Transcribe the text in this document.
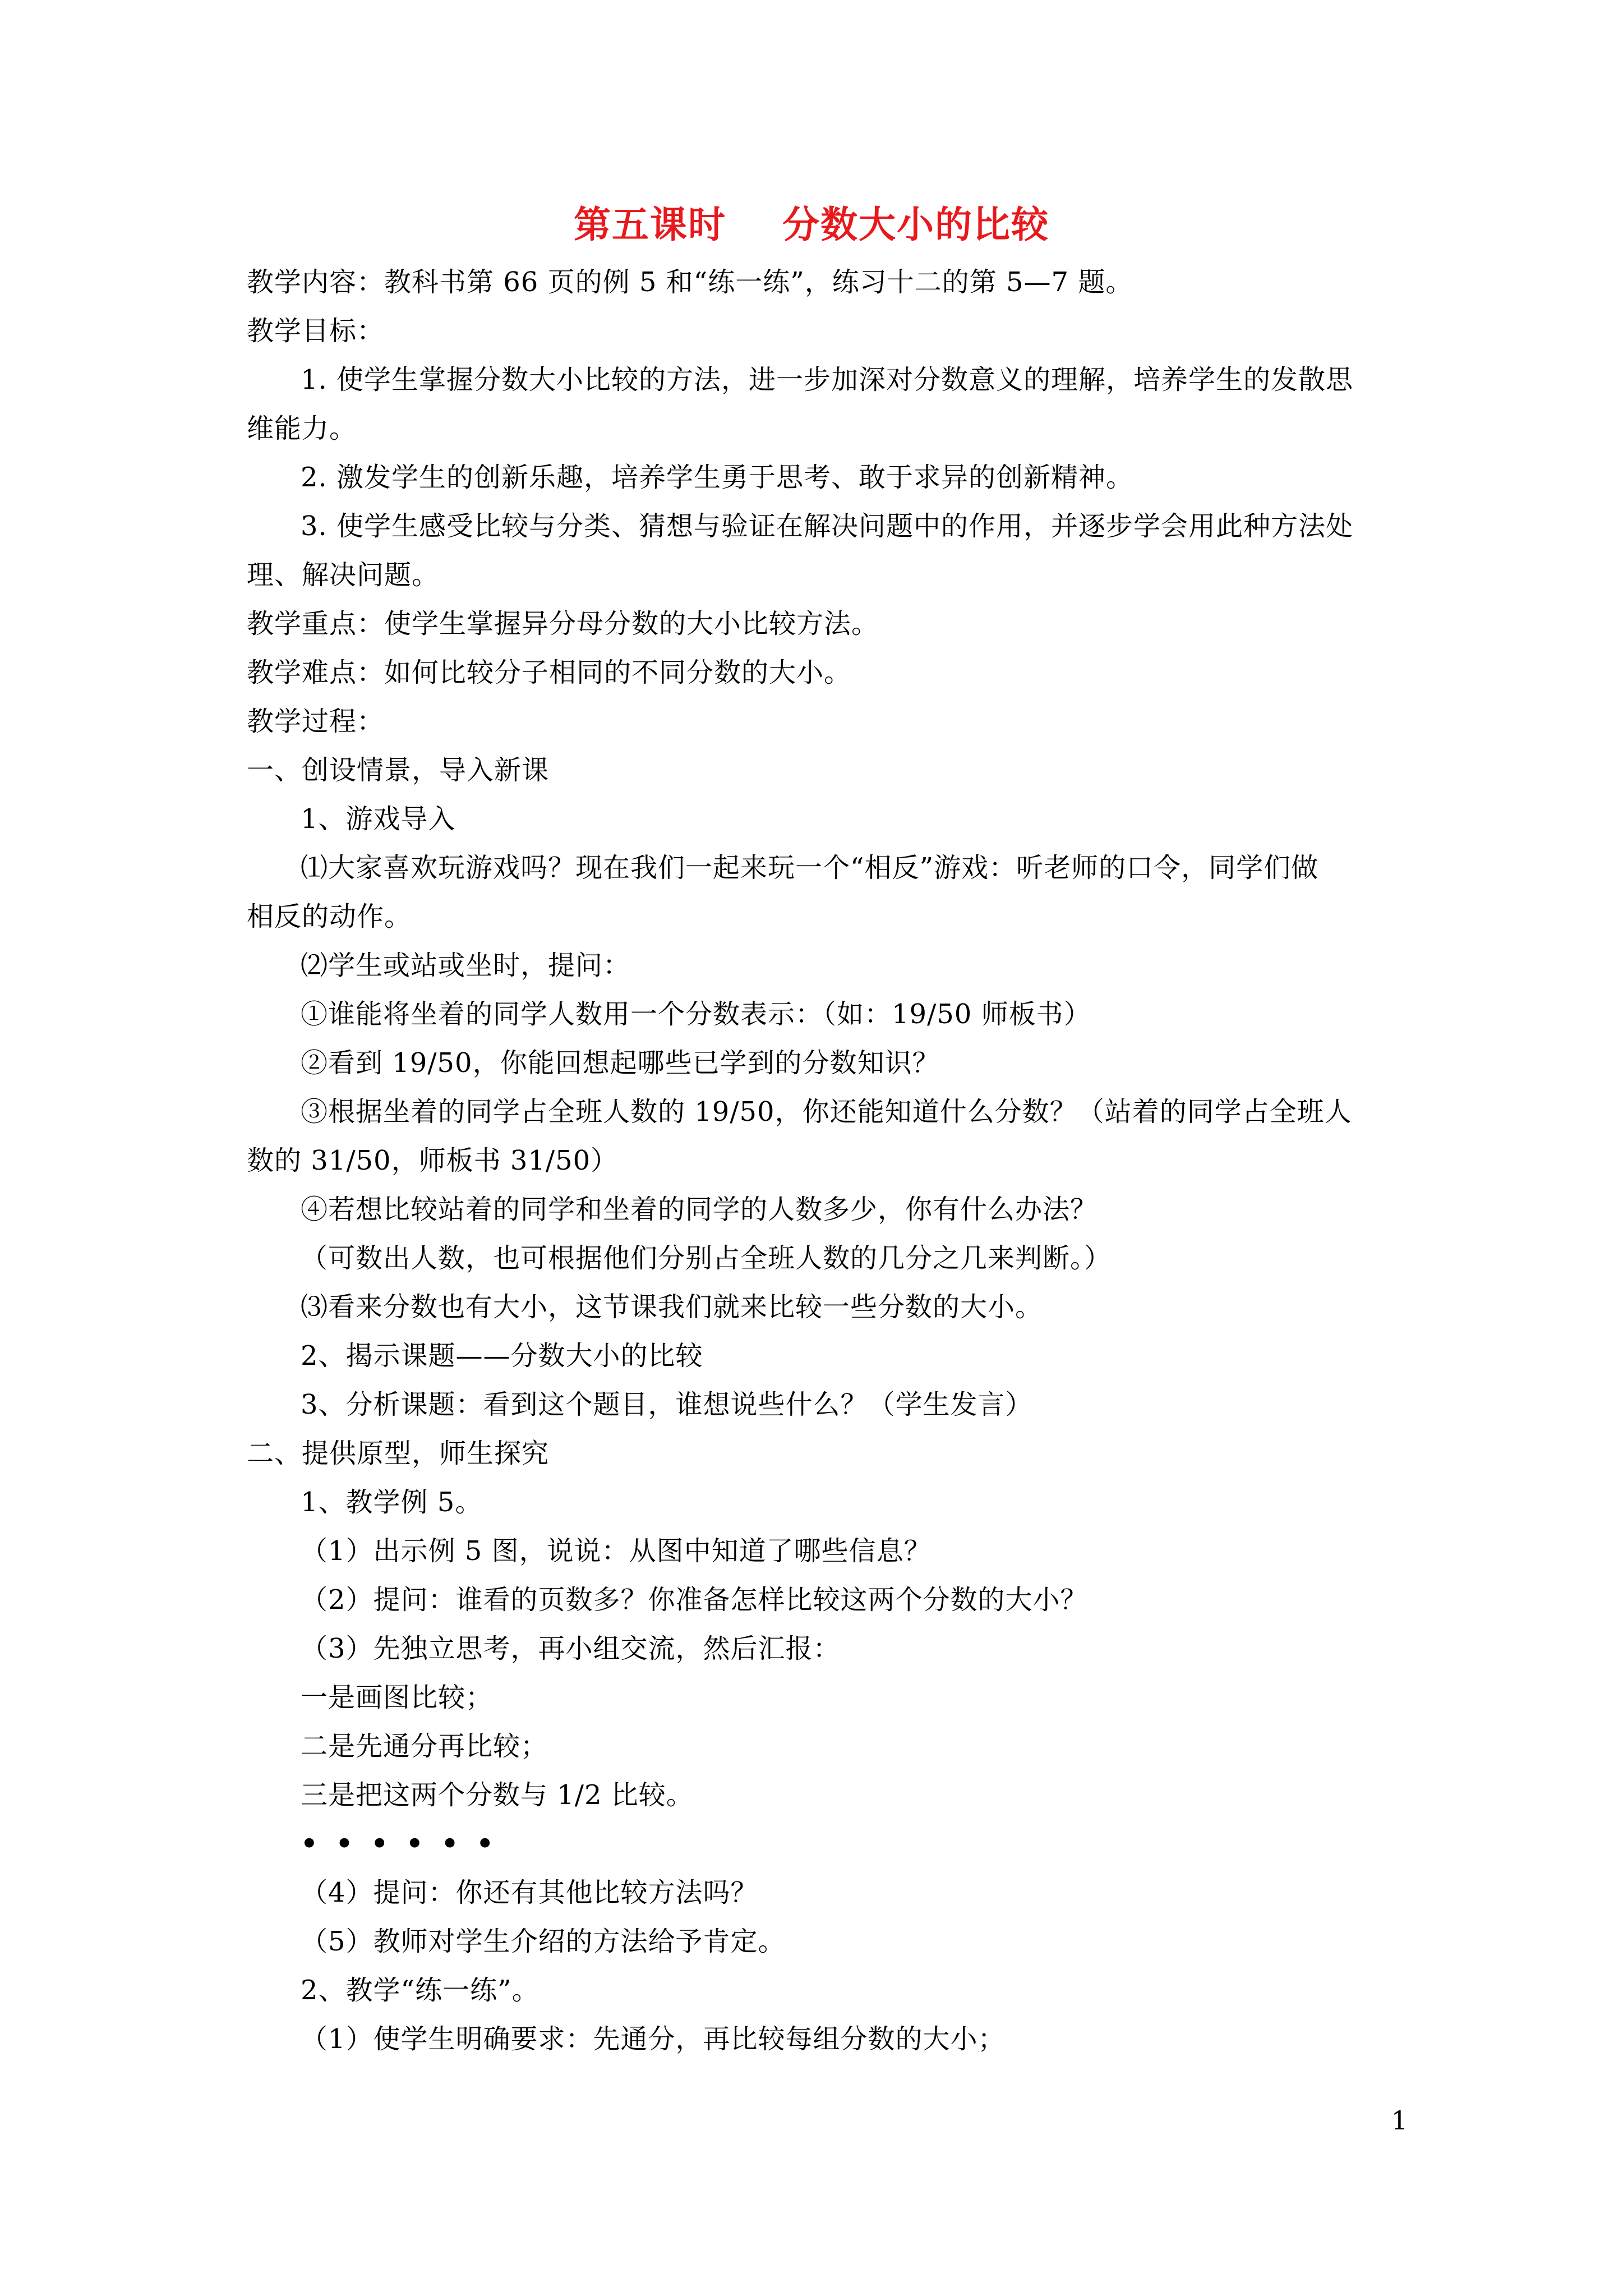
第五课时    分数大小的比较
教学内容：教科书第 66 页的例 5 和“练一练”，练习十二的第 5—7 题。
教学目标：
1. 使学生掌握分数大小比较的方法，进一步加深对分数意义的理解，培养学生的发散思
维能力。
2. 激发学生的创新乐趣，培养学生勇于思考、敢于求异的创新精神。
3. 使学生感受比较与分类、猜想与验证在解决问题中的作用，并逐步学会用此种方法处
理、解决问题。
教学重点：使学生掌握异分母分数的大小比较方法。
教学难点：如何比较分子相同的不同分数的大小。
教学过程：
一、创设情景，导入新课
1、游戏导入
⑴大家喜欢玩游戏吗？现在我们一起来玩一个“相反”游戏：听老师的口令，同学们做
相反的动作。
⑵学生或站或坐时，提问：
①谁能将坐着的同学人数用一个分数表示：（如：19/50 师板书）
②看到 19/50，你能回想起哪些已学到的分数知识？
③根据坐着的同学占全班人数的 19/50，你还能知道什么分数？（站着的同学占全班人
数的 31/50，师板书 31/50）
④若想比较站着的同学和坐着的同学的人数多少，你有什么办法？
（可数出人数，也可根据他们分别占全班人数的几分之几来判断。）
⑶看来分数也有大小，这节课我们就来比较一些分数的大小。
2、揭示课题——分数大小的比较
3、分析课题：看到这个题目，谁想说些什么？（学生发言）
二、提供原型，师生探究
1、教学例 5。
（1）出示例 5 图，说说：从图中知道了哪些信息？
（2）提问：谁看的页数多？你准备怎样比较这两个分数的大小？
（3）先独立思考，再小组交流，然后汇报：
一是画图比较；
二是先通分再比较；
三是把这两个分数与 1/2 比较。
••••••
（4）提问：你还有其他比较方法吗？
（5）教师对学生介绍的方法给予肯定。
2、教学“练一练”。
（1）使学生明确要求：先通分，再比较每组分数的大小；
1
